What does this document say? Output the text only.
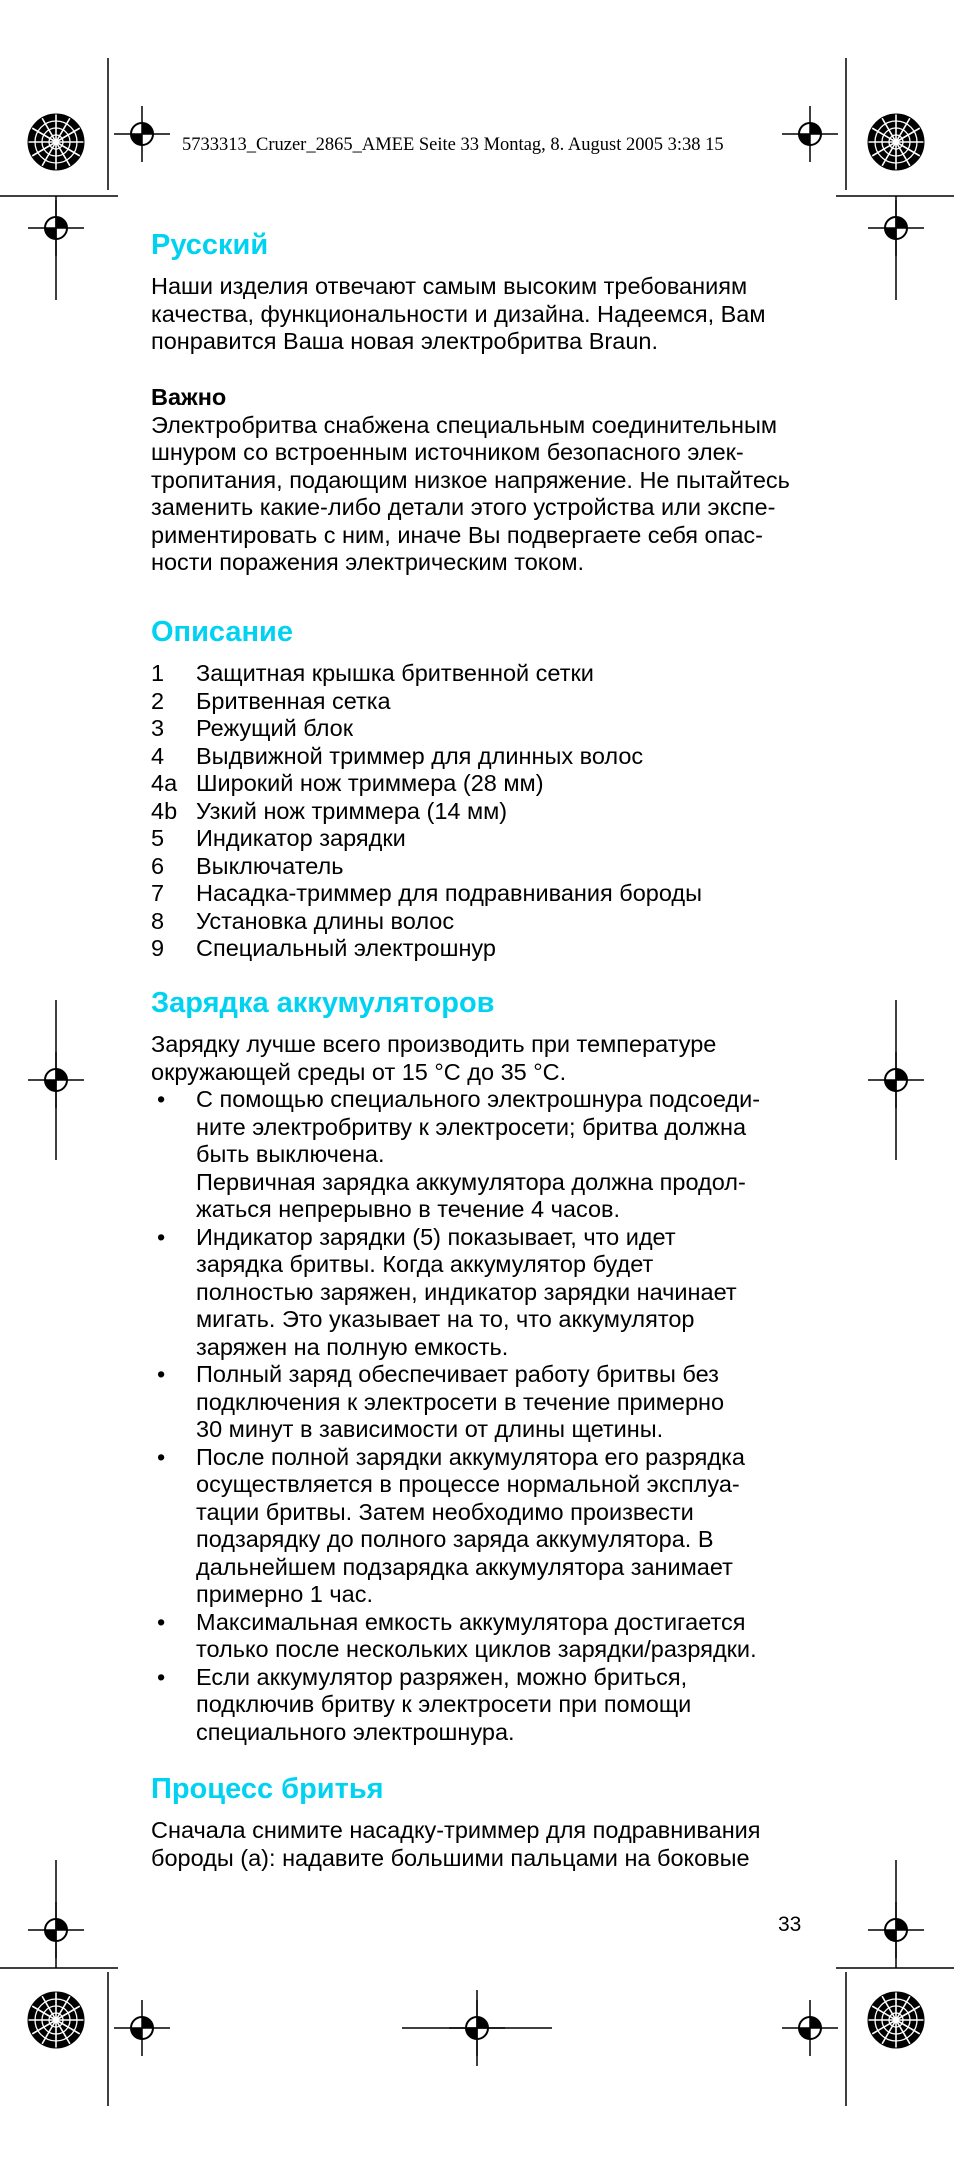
5733313_Cruzer_2865_AMEE Seite 33 Montag, 8. August 2005 3:38 15
Русский
Наши изделия отвечают самым высоким требованиям
качества, функциональности и дизайна. Надеемся, Вам
понравится Ваша новая электробритва Braun.
Важно
Электробритва снабжена специальным соединительным
шнуром со встроенным источником безопасного элек-
тропитания, подающим низкое напряжение. Не пытайтесь
заменить какие-либо детали этого устройства или экспе-
риментировать с ним, иначе Вы подвергаете себя опас-
ности поражения электрическим током.
Описание
1 Защитная крышка бритвенной сетки
2 Бритвенная сетка
3 Режущий блок
4 Выдвижной триммер для длинных волос
4a Широкий нож триммера (28 мм)
4b Узкий нож триммера (14 мм)
5 Индикатор зарядки
6 Выключатель
7 Насадка-триммер для подравнивания бороды
8 Установка длины волос
9 Специальный электрошнур
Зарядка аккумуляторов
Зарядку лучше всего производить при температуре
окружающей среды от 15 °C до 35 °C.
• С помощью специального электрошнура подсоеди-
ните электробритву к электросети; бритва должна
быть выключена.
Первичная зарядка аккумулятора должна продол-
жаться непрерывно в течение 4 часов.
• Индикатор зарядки (5) показывает, что идет
зарядка бритвы. Когда аккумулятор будет
полностью заряжен, индикатор зарядки начинает
мигать. Это указывает на то, что аккумулятор
заряжен на полную емкость.
• Полный заряд обеспечивает работу бритвы без
подключения к электросети в течение примерно
30 минут в зависимости от длины щетины.
• После полной зарядки аккумулятора его разрядка
осуществляется в процессе нормальной эксплуа-
тации бритвы. Затем необходимо произвести
подзарядку до полного заряда аккумулятора. В
дальнейшем подзарядка аккумулятора занимает
примерно 1 час.
• Максимальная емкость аккумулятора достигается
только после нескольких циклов зарядки/разрядки.
• Если аккумулятор разряжен, можно бриться,
подключив бритву к электросети при помощи
специального электрошнура.
Процесс бритья
Сначала снимите насадку-триммер для подравнивания
бороды (a): надавите большими пальцами на боковые
33
